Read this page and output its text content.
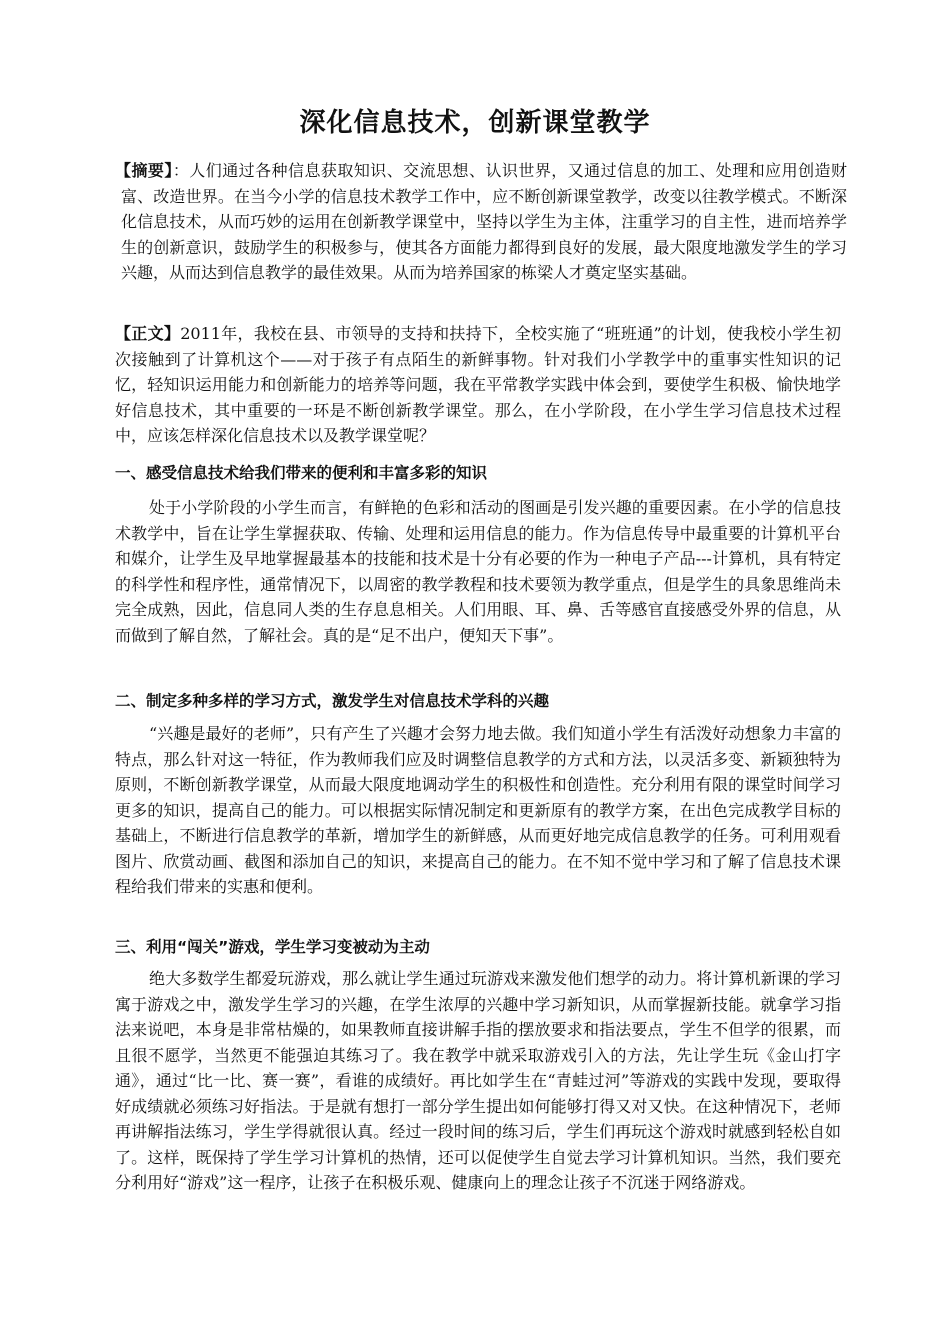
深化信息技术，创新课堂教学
【摘要】：人们通过各种信息获取知识、交流思想、认识世界，又通过信息的加工、处理和应用创造财富、改造世界。在当今小学的信息技术教学工作中，应不断创新课堂教学，改变以往教学模式。不断深化信息技术，从而巧妙的运用在创新教学课堂中，坚持以学生为主体，注重学习的自主性，进而培养学生的创新意识，鼓励学生的积极参与，使其各方面能力都得到良好的发展，最大限度地激发学生的学习兴趣，从而达到信息教学的最佳效果。从而为培养国家的栋梁人才奠定坚实基础。
【正文】2011年，我校在县、市领导的支持和扶持下，全校实施了“班班通”的计划，使我校小学生初次接触到了计算机这个——对于孩子有点陌生的新鲜事物。针对我们小学教学中的重事实性知识的记忆，轻知识运用能力和创新能力的培养等问题，我在平常教学实践中体会到，要使学生积极、愉快地学好信息技术，其中重要的一环是不断创新教学课堂。那么，在小学阶段，在小学生学习信息技术过程中，应该怎样深化信息技术以及教学课堂呢？
一、感受信息技术给我们带来的便利和丰富多彩的知识
处于小学阶段的小学生而言，有鲜艳的色彩和活动的图画是引发兴趣的重要因素。在小学的信息技术教学中，旨在让学生掌握获取、传输、处理和运用信息的能力。作为信息传导中最重要的计算机平台和媒介，让学生及早地掌握最基本的技能和技术是十分有必要的作为一种电子产品---计算机，具有特定的科学性和程序性，通常情况下，以周密的教学教程和技术要领为教学重点，但是学生的具象思维尚未完全成熟，因此，信息同人类的生存息息相关。人们用眼、耳、鼻、舌等感官直接感受外界的信息，从而做到了解自然，了解社会。真的是“足不出户，便知天下事”。
二、制定多种多样的学习方式，激发学生对信息技术学科的兴趣
“兴趣是最好的老师”，只有产生了兴趣才会努力地去做。我们知道小学生有活泼好动想象力丰富的特点，那么针对这一特征，作为教师我们应及时调整信息教学的方式和方法，以灵活多变、新颖独特为原则，不断创新教学课堂，从而最大限度地调动学生的积极性和创造性。充分利用有限的课堂时间学习更多的知识，提高自己的能力。可以根据实际情况制定和更新原有的教学方案，在出色完成教学目标的基础上，不断进行信息教学的革新，增加学生的新鲜感，从而更好地完成信息教学的任务。可利用观看图片、欣赏动画、截图和添加自己的知识，来提高自己的能力。在不知不觉中学习和了解了信息技术课程给我们带来的实惠和便利。
三、利用“闯关”游戏，学生学习变被动为主动
绝大多数学生都爱玩游戏，那么就让学生通过玩游戏来激发他们想学的动力。将计算机新课的学习寓于游戏之中，激发学生学习的兴趣，在学生浓厚的兴趣中学习新知识，从而掌握新技能。就拿学习指法来说吧，本身是非常枯燥的，如果教师直接讲解手指的摆放要求和指法要点，学生不但学的很累，而且很不愿学，当然更不能强迫其练习了。我在教学中就采取游戏引入的方法，先让学生玩《金山打字通》，通过“比一比、赛一赛”，看谁的成绩好。再比如学生在“青蛙过河”等游戏的实践中发现，要取得好成绩就必须练习好指法。于是就有想打一部分学生提出如何能够打得又对又快。在这种情况下，老师再讲解指法练习，学生学得就很认真。经过一段时间的练习后，学生们再玩这个游戏时就感到轻松自如了。这样，既保持了学生学习计算机的热情，还可以促使学生自觉去学习计算机知识。当然，我们要充分利用好“游戏”这一程序，让孩子在积极乐观、健康向上的理念让孩子不沉迷于网络游戏。
